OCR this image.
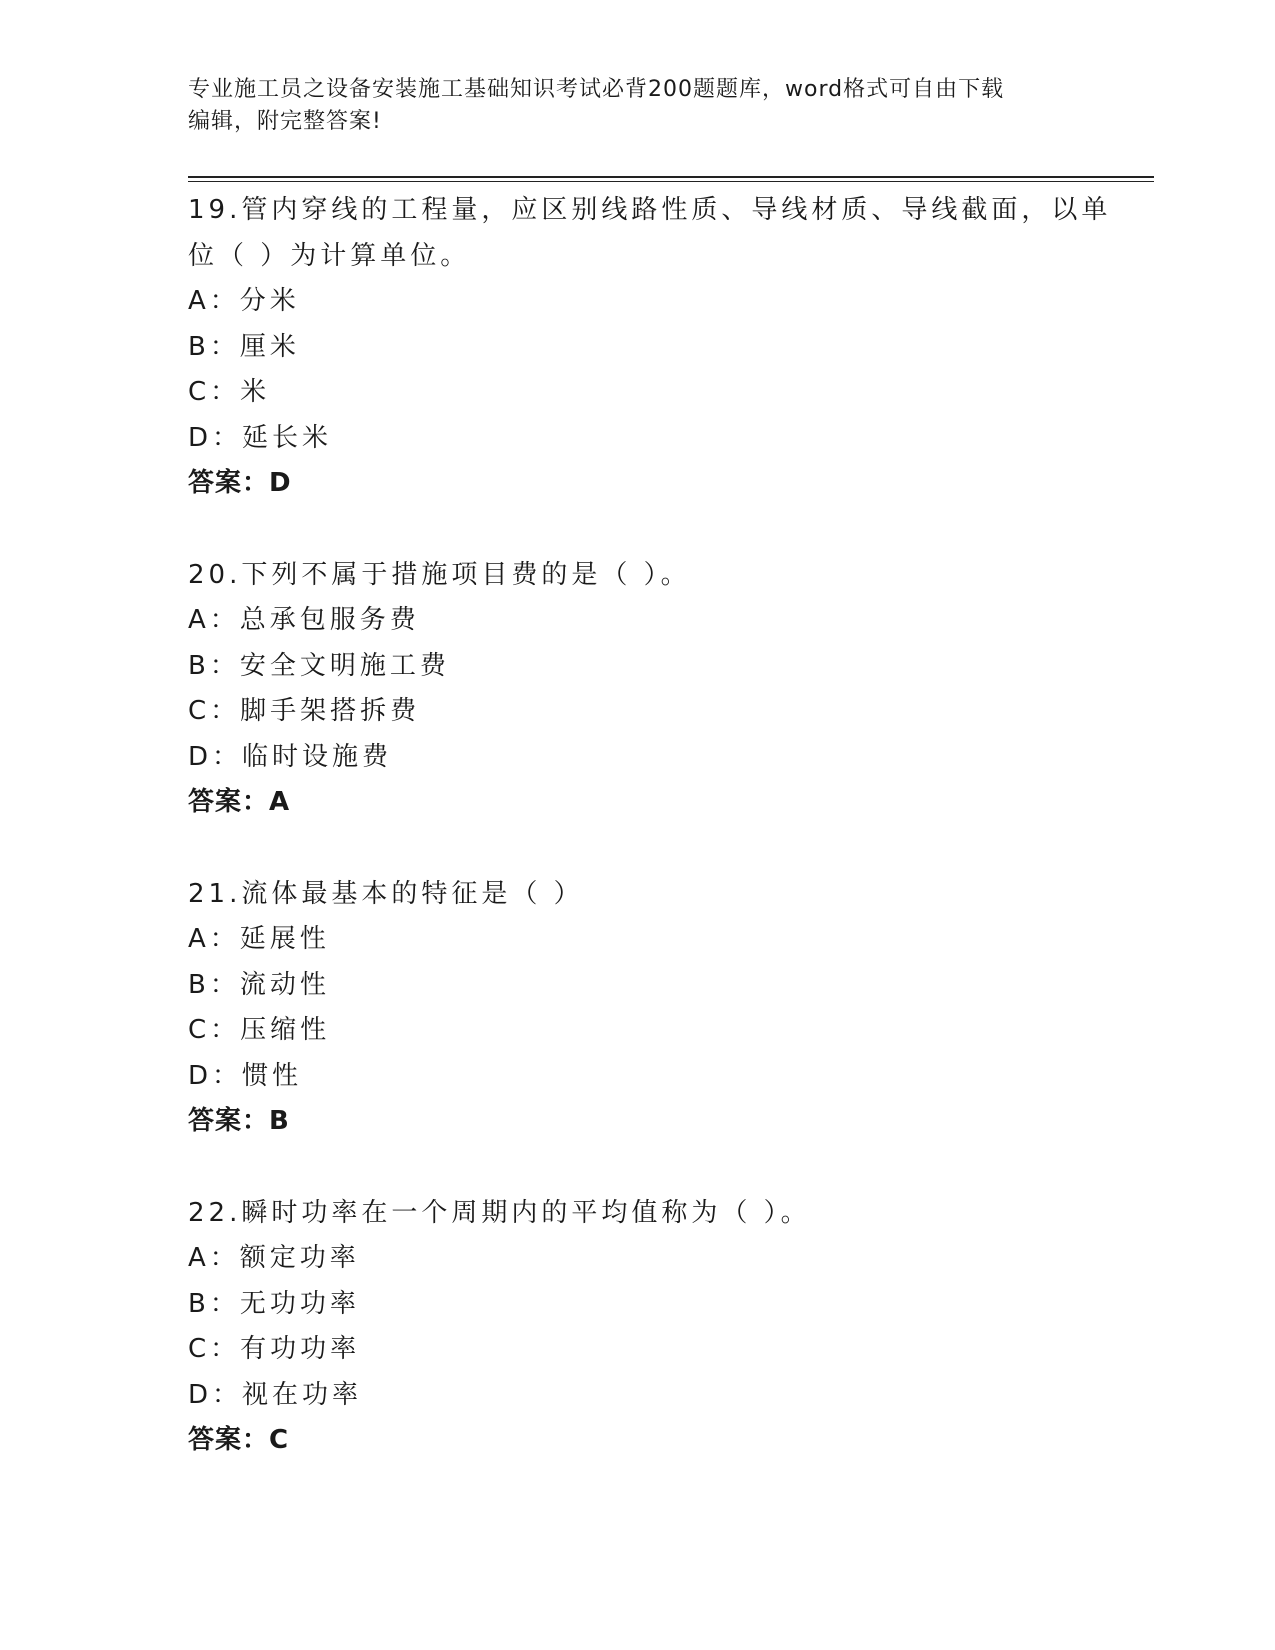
专业施工员之设备安装施工基础知识考试必背200题题库，word格式可自由下载
编辑，附完整答案!
19.管内穿线的工程量，应区别线路性质、导线材质、导线截面，以单
位（ ）为计算单位。
A：分米
B：厘米
C：米
D：延长米
答案：D
20.下列不属于措施项目费的是（ ）。
A：总承包服务费
B：安全文明施工费
C：脚手架搭拆费
D：临时设施费
答案：A
21.流体最基本的特征是（ ）
A：延展性
B：流动性
C：压缩性
D：惯性
答案：B
22.瞬时功率在一个周期内的平均值称为（ ）。
A：额定功率
B：无功功率
C：有功功率
D：视在功率
答案：C
